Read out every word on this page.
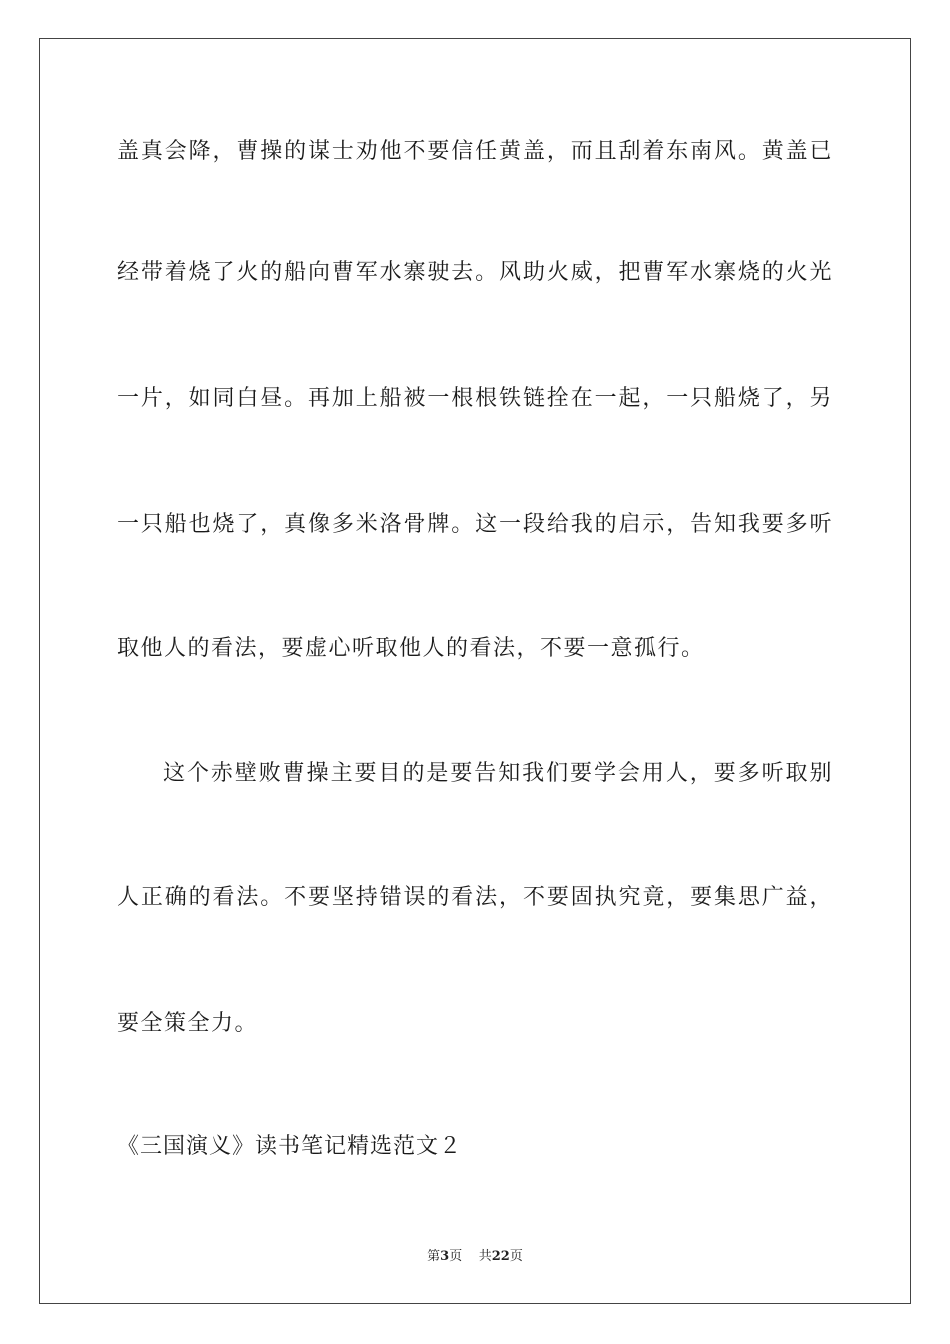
盖真会降，曹操的谋士劝他不要信任黄盖，而且刮着东南风。黄盖已
经带着烧了火的船向曹军水寨驶去。风助火威，把曹军水寨烧的火光
一片，如同白昼。再加上船被一根根铁链拴在一起，一只船烧了，另
一只船也烧了，真像多米洛骨牌。这一段给我的启示，告知我要多听
取他人的看法，要虚心听取他人的看法，不要一意孤行。
这个赤壁败曹操主要目的是要告知我们要学会用人，要多听取别
人正确的看法。不要坚持错误的看法，不要固执究竟，要集思广益，
要全策全力。
《三国演义》读书笔记精选范文２
第3页 共22页
